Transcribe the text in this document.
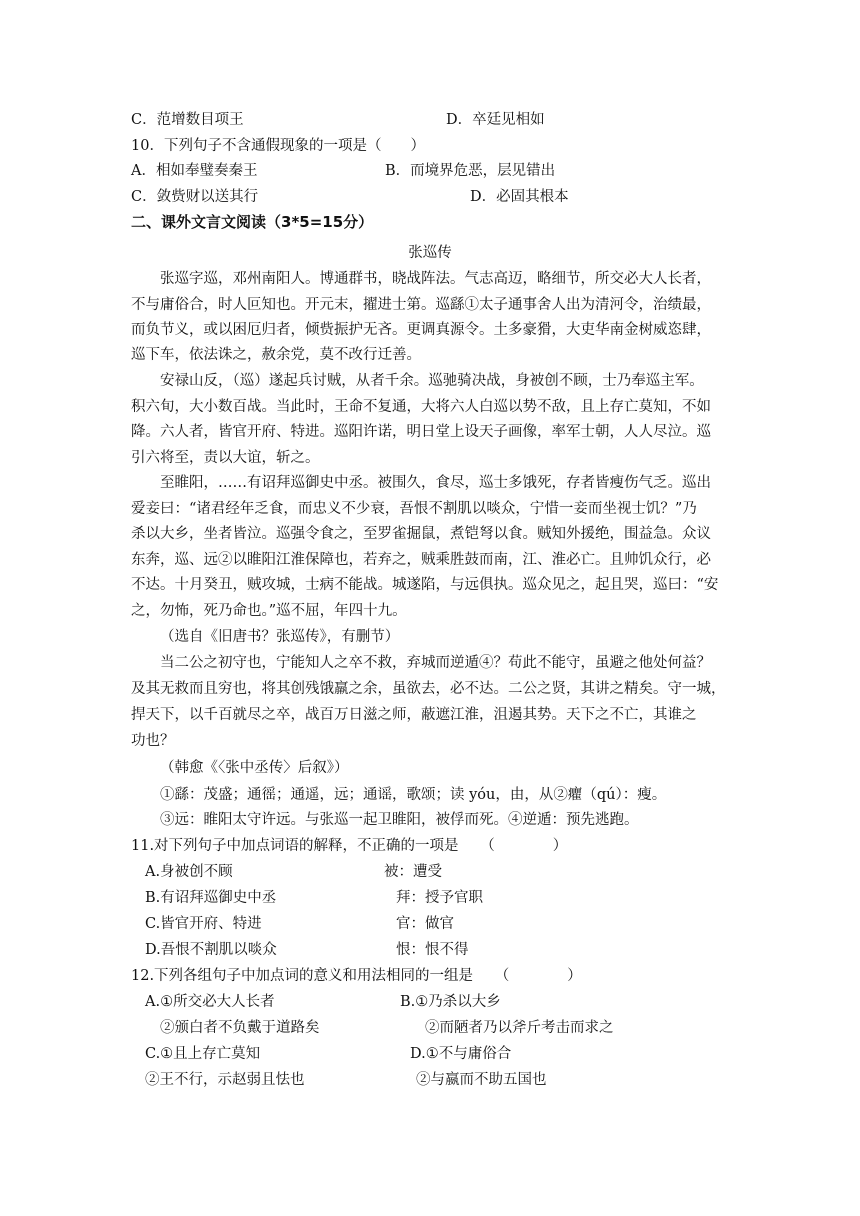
C．范增数目项王	D．卒廷见相如
10．下列句子不含通假现象的一项是（　　）
A．相如奉璧奏秦王	B．而境界危恶，层见错出
C．敛赀财以送其行	D．必固其根本
二、课外文言文阅读（3*5=15分）
张巡传
张巡字巡，邓州南阳人。博通群书，晓战阵法。气志高迈，略细节，所交必大人长者，
不与庸俗合，时人叵知也。开元末，擢进士第。巡繇①太子通事舍人出为清河令，治绩最，
而负节义，或以困厄归者，倾赀振护无吝。更调真源令。土多豪猾，大吏华南金树威恣肆，
巡下车，依法诛之，赦余党，莫不改行迁善。
安禄山反，（巡）遂起兵讨贼，从者千余。巡驰骑决战，身被创不顾，士乃奉巡主军。
积六旬，大小数百战。当此时，王命不复通，大将六人白巡以势不敌，且上存亡莫知，不如
降。六人者，皆官开府、特进。巡阳许诺，明日堂上设天子画像，率军士朝，人人尽泣。巡
引六将至，责以大谊，斩之。
至睢阳，……有诏拜巡御史中丞。被围久，食尽，巡士多饿死，存者皆瘦伤气乏。巡出
爱妾曰：“诸君经年乏食，而忠义不少衰，吾恨不割肌以啖众，宁惜一妾而坐视士饥？”乃
杀以大乡，坐者皆泣。巡强令食之，至罗雀掘鼠，煮铠弩以食。贼知外援绝，围益急。众议
东奔，巡、远②以睢阳江淮保障也，若弃之，贼乘胜鼓而南，江、淮必亡。且帅饥众行，必
不达。十月癸丑，贼攻城，士病不能战。城遂陷，与远俱执。巡众见之，起且哭，巡曰：“安
之，勿怖，死乃命也。”巡不屈，年四十九。
（选自《旧唐书？张巡传》，有删节）
当二公之初守也，宁能知人之卒不救，弃城而逆遁④？苟此不能守，虽避之他处何益？
及其无救而且穷也，将其创残饿羸之余，虽欲去，必不达。二公之贤，其讲之精矣。守一城，
捍天下，以千百就尽之卒，战百万日滋之师，蔽遮江淮，沮遏其势。天下之不亡，其谁之
功也？
（韩愈《〈张中丞传〉后叙》）
①繇：茂盛；通徭；通遥，远；通谣，歌颂；读 yóu，由，从②癯（qú）：瘦。
③远：睢阳太守许远。与张巡一起卫睢阳，被俘而死。④逆遁：预先逃跑。
11.对下列句子中加点词语的解释，不正确的一项是　　（　　　　）
A.身被创不顾	被：遭受
B.有诏拜巡御史中丞	拜：授予官职
C.皆官开府、特进	官：做官
D.吾恨不割肌以啖众	恨：恨不得
12.下列各组句子中加点词的意义和用法相同的一组是　　（　　　　）
A.①所交必大人长者	B.①乃杀以大乡
②颁白者不负戴于道路矣	②而陋者乃以斧斤考击而求之
C.①且上存亡莫知	D.①不与庸俗合
②王不行，示赵弱且怯也	②与嬴而不助五国也
